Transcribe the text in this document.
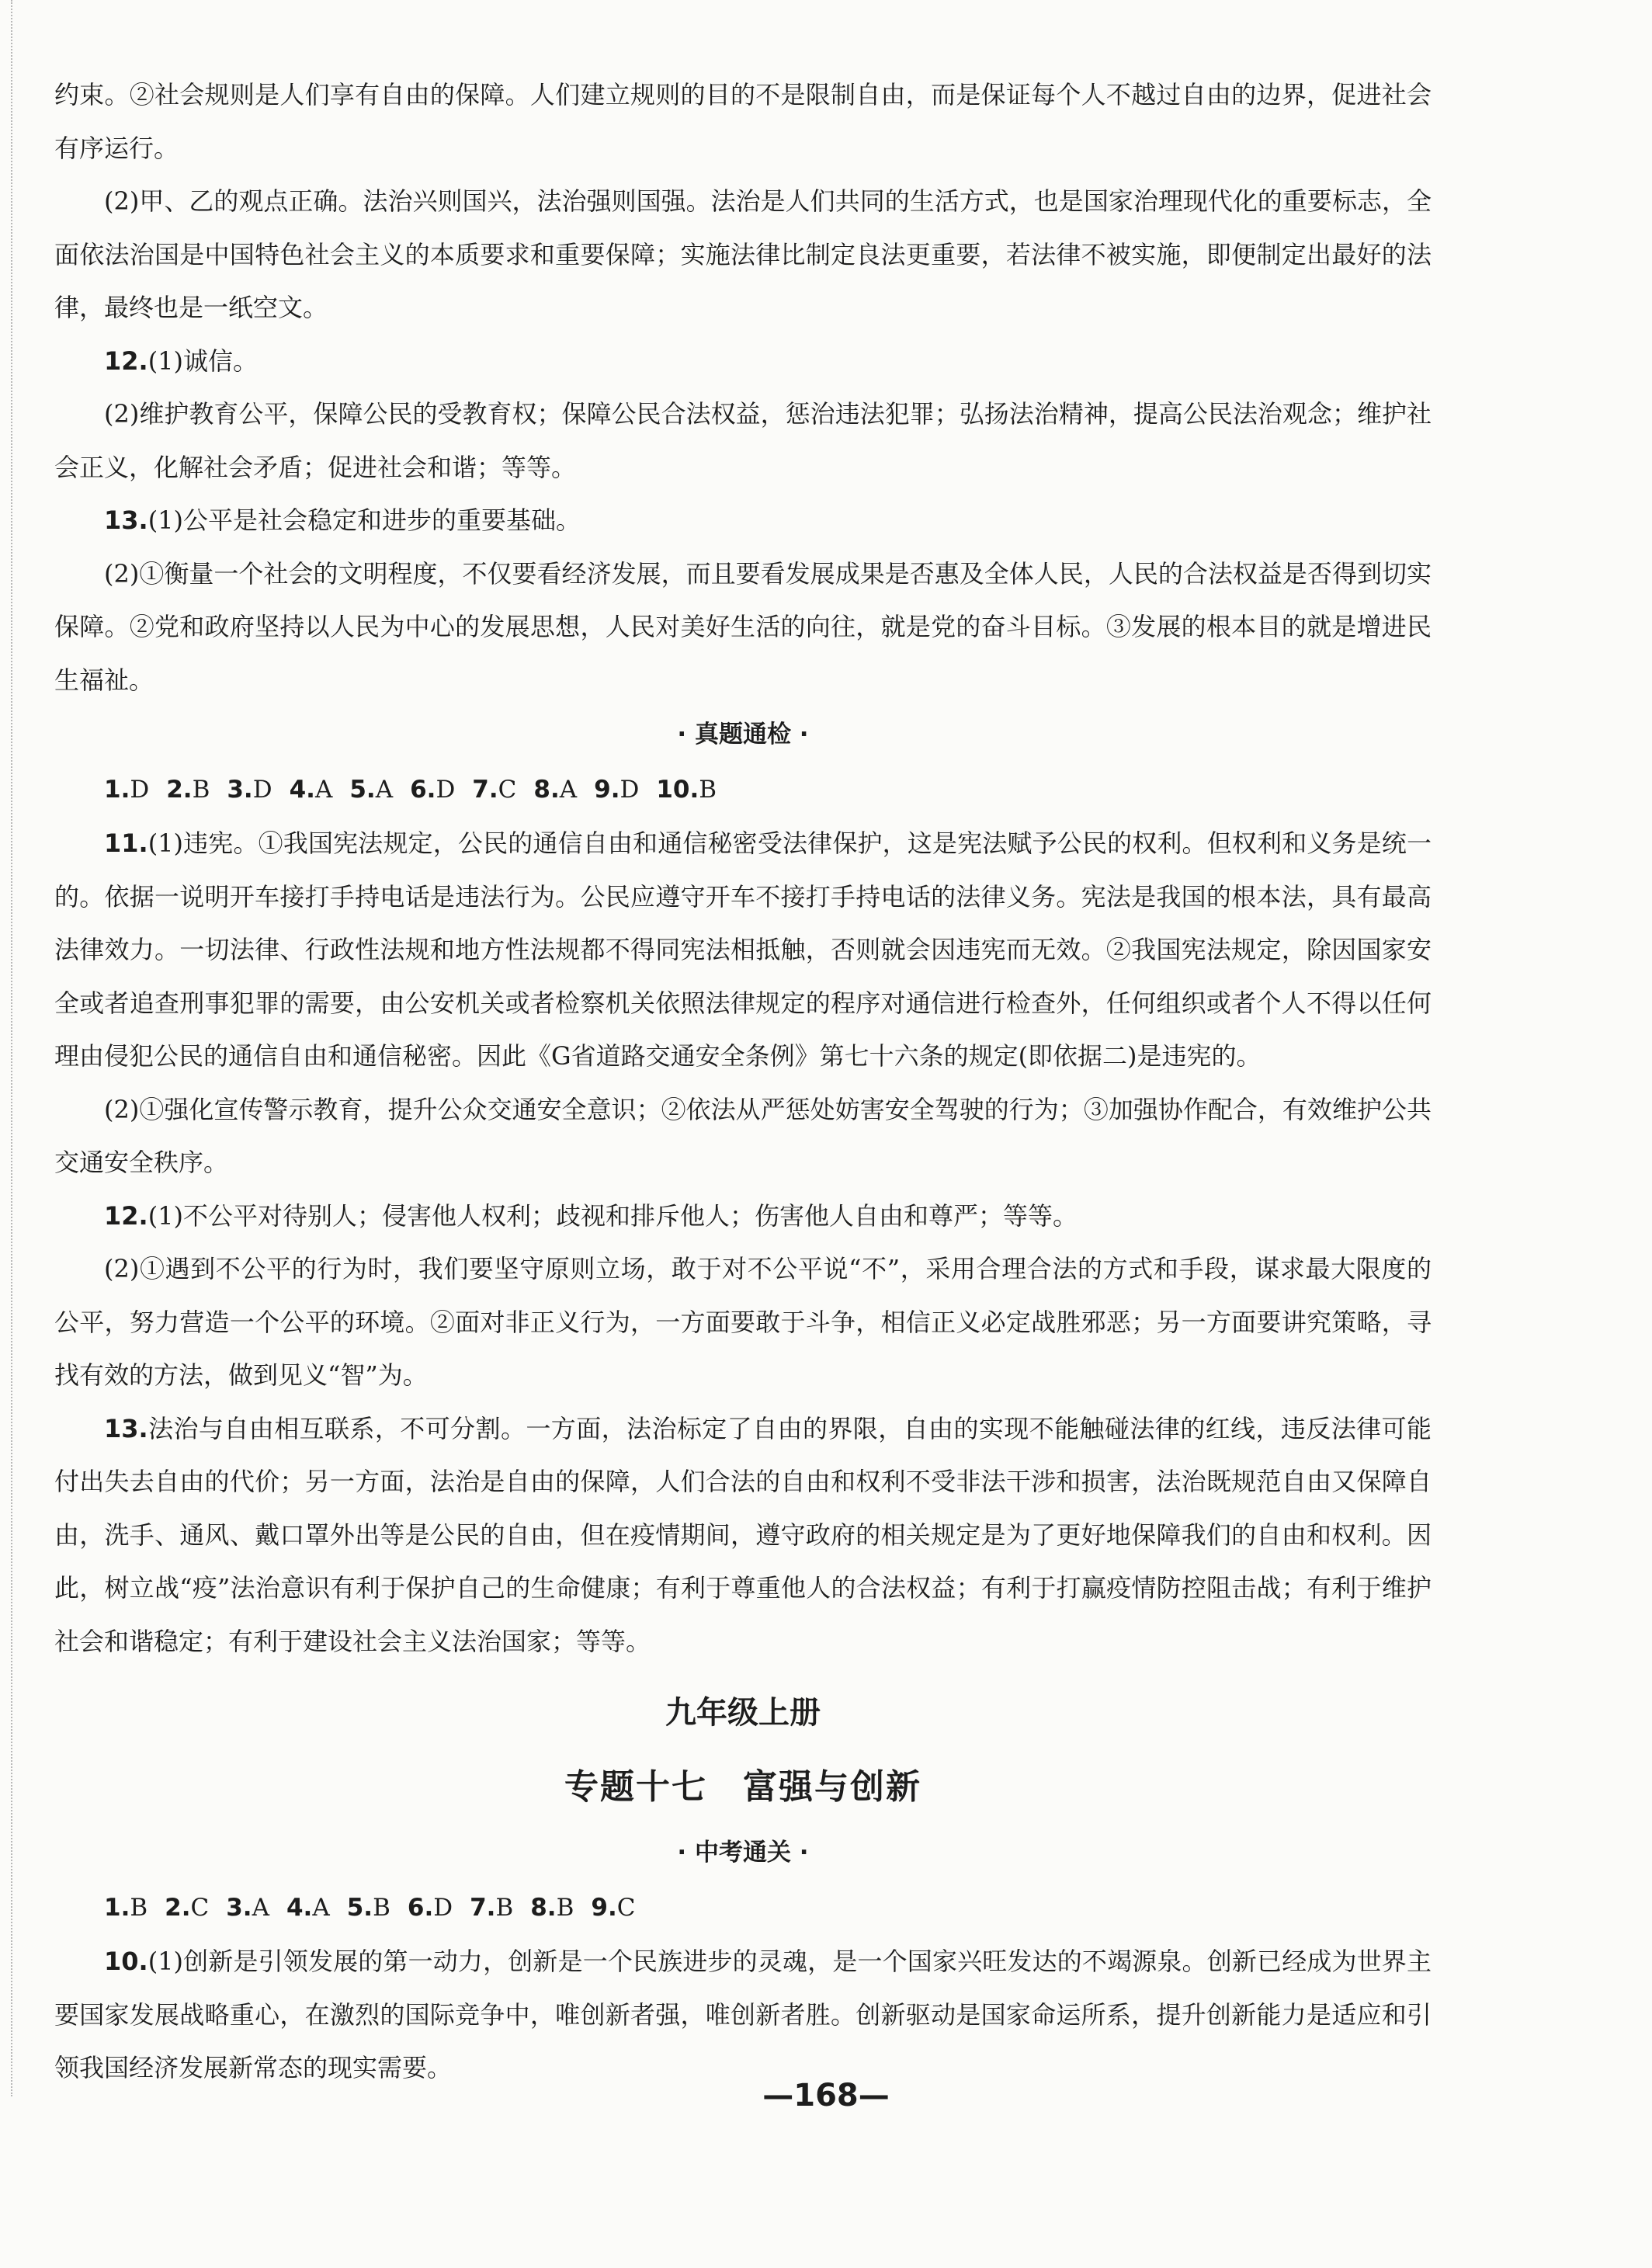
约束。②社会规则是人们享有自由的保障。人们建立规则的目的不是限制自由，而是保证每个人不越过自由的边界，促进社会有序运行。

(2)甲、乙的观点正确。法治兴则国兴，法治强则国强。法治是人们共同的生活方式，也是国家治理现代化的重要标志，全面依法治国是中国特色社会主义的本质要求和重要保障；实施法律比制定良法更重要，若法律不被实施，即便制定出最好的法律，最终也是一纸空文。

12.(1)诚信。

(2)维护教育公平，保障公民的受教育权；保障公民合法权益，惩治违法犯罪；弘扬法治精神，提高公民法治观念；维护社会正义，化解社会矛盾；促进社会和谐；等等。

13.(1)公平是社会稳定和进步的重要基础。

(2)①衡量一个社会的文明程度，不仅要看经济发展，而且要看发展成果是否惠及全体人民，人民的合法权益是否得到切实保障。②党和政府坚持以人民为中心的发展思想，人民对美好生活的向往，就是党的奋斗目标。③发展的根本目的就是增进民生福祉。

· 真题通检 ·
1.D 2.B 3.D 4.A 5.A 6.D 7.C 8.A 9.D 10.B

11.(1)违宪。①我国宪法规定，公民的通信自由和通信秘密受法律保护，这是宪法赋予公民的权利。但权利和义务是统一的。依据一说明开车接打手持电话是违法行为。公民应遵守开车不接打手持电话的法律义务。宪法是我国的根本法，具有最高法律效力。一切法律、行政性法规和地方性法规都不得同宪法相抵触，否则就会因违宪而无效。②我国宪法规定，除因国家安全或者追查刑事犯罪的需要，由公安机关或者检察机关依照法律规定的程序对通信进行检查外，任何组织或者个人不得以任何理由侵犯公民的通信自由和通信秘密。因此《G省道路交通安全条例》第七十六条的规定(即依据二)是违宪的。

(2)①强化宣传警示教育，提升公众交通安全意识；②依法从严惩处妨害安全驾驶的行为；③加强协作配合，有效维护公共交通安全秩序。

12.(1)不公平对待别人；侵害他人权利；歧视和排斥他人；伤害他人自由和尊严；等等。

(2)①遇到不公平的行为时，我们要坚守原则立场，敢于对不公平说“不”，采用合理合法的方式和手段，谋求最大限度的公平，努力营造一个公平的环境。②面对非正义行为，一方面要敢于斗争，相信正义必定战胜邪恶；另一方面要讲究策略，寻找有效的方法，做到见义“智”为。

13.法治与自由相互联系，不可分割。一方面，法治标定了自由的界限，自由的实现不能触碰法律的红线，违反法律可能付出失去自由的代价；另一方面，法治是自由的保障，人们合法的自由和权利不受非法干涉和损害，法治既规范自由又保障自由，洗手、通风、戴口罩外出等是公民的自由，但在疫情期间，遵守政府的相关规定是为了更好地保障我们的自由和权利。因此，树立战“疫”法治意识有利于保护自己的生命健康；有利于尊重他人的合法权益；有利于打赢疫情防控阻击战；有利于维护社会和谐稳定；有利于建设社会主义法治国家；等等。

九年级上册
专题十七　富强与创新
· 中考通关 ·
1.B 2.C 3.A 4.A 5.B 6.D 7.B 8.B 9.C

10.(1)创新是引领发展的第一动力，创新是一个民族进步的灵魂，是一个国家兴旺发达的不竭源泉。创新已经成为世界主要国家发展战略重心，在激烈的国际竞争中，唯创新者强，唯创新者胜。创新驱动是国家命运所系，提升创新能力是适应和引领我国经济发展新常态的现实需要。

—168—
